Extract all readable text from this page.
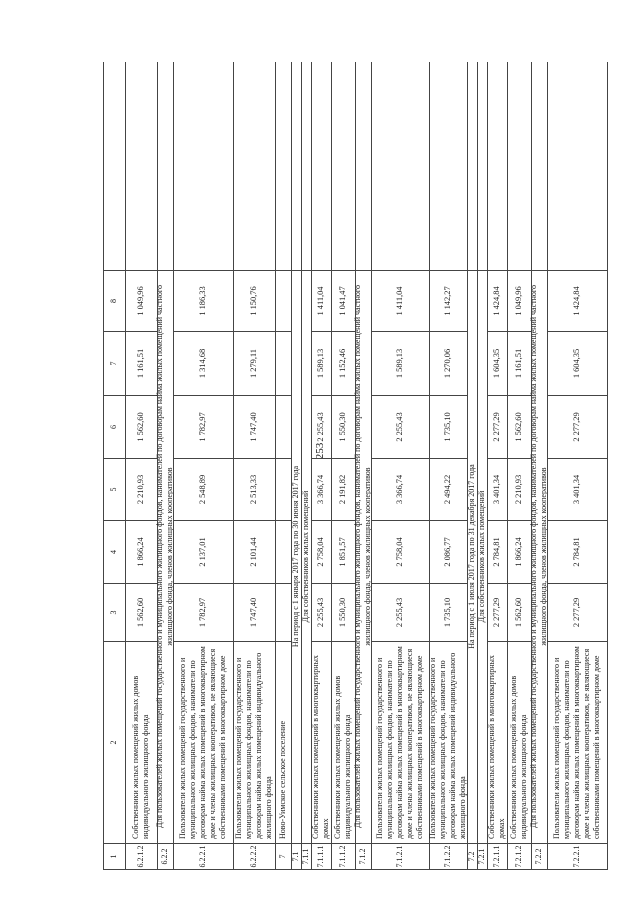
253
1
2
3
4
5
6
7
8
6.2.1.2
Собственники жилых помещений жилых домов индивидуального жилищного фонда
1 562,60
1 866,24
2 210,93
1 562,60
1 161,51
1 049,96
6.2.2
Для пользователей жилых помещений государственного и муниципального жилищного фондов, нанимателей по договорам найма жилых помещений частного жилищного фонда, членов жилищных кооперативов
6.2.2.1
Пользователи жилых помещений государственного и муниципального жилищных фондов, наниматели по договорам найма жилых помещений в многоквартирном доме и члены жилищных кооперативов, не являющиеся собственниками помещений в многоквартирном доме
1 782,97
2 137,01
2 548,89
1 782,97
1 314,68
1 186,33
6.2.2.2
Пользователи жилых помещений государственного и муниципального жилищных фондов, наниматели по договорам найма жилых помещений индивидуального жилищного фонда
1 747,40
2 101,44
2 513,33
1 747,40
1 279,11
1 150,76
7
Ново-Уимское сельское поселение
7.1
На период с 1 января 2017 года по 30 июня 2017 года
7.1.1
Для собственников жилых помещений
7.1.1.1
Собственники жилых помещений в многоквартирных домах
2 255,43
2 758,04
3 366,74
2 255,43
1 589,13
1 411,04
7.1.1.2
Собственники жилых помещений жилых домов индивидуального жилищного фонда
1 550,30
1 851,57
2 191,82
1 550,30
1 152,46
1 041,47
7.1.2
Для пользователей жилых помещений государственного и муниципального жилищного фондов, нанимателей по договорам найма жилых помещений частного жилищного фонда, членов жилищных кооперативов
7.1.2.1
Пользователи жилых помещений государственного и муниципального жилищных фондов, наниматели по договорам найма жилых помещений в многоквартирном доме и члены жилищных кооперативов, не являющиеся собственниками помещений в многоквартирном доме
2 255,43
2 758,04
3 366,74
2 255,43
1 589,13
1 411,04
7.1.2.2
Пользователи жилых помещений государственного и муниципального жилищных фондов, наниматели по договорам найма жилых помещений индивидуального жилищного фонда
1 735,10
2 086,77
2 494,22
1 735,10
1 270,06
1 142,27
7.2
На период с 1 июля 2017 года по 31 декабря 2017 года
7.2.1
Для собственников жилых помещений
7.2.1.1
Собственники жилых помещений в многоквартирных домах
2 277,29
2 784,81
3 401,34
2 277,29
1 604,35
1 424,84
7.2.1.2
Собственники жилых помещений жилых домов индивидуального жилищного фонда
1 562,60
1 866,24
2 210,93
1 562,60
1 161,51
1 049,96
7.2.2
Для пользователей жилых помещений государственного и муниципального жилищного фондов, нанимателей по договорам найма жилых помещений частного жилищного фонда, членов жилищных кооперативов
7.2.2.1
Пользователи жилых помещений государственного и муниципального жилищных фондов, наниматели по договорам найма жилых помещений в многоквартирном доме и члены жилищных кооперативов, не являющиеся собственниками помещений в многоквартирном доме
2 277,29
2 784,81
3 401,34
2 277,29
1 604,35
1 424,84
